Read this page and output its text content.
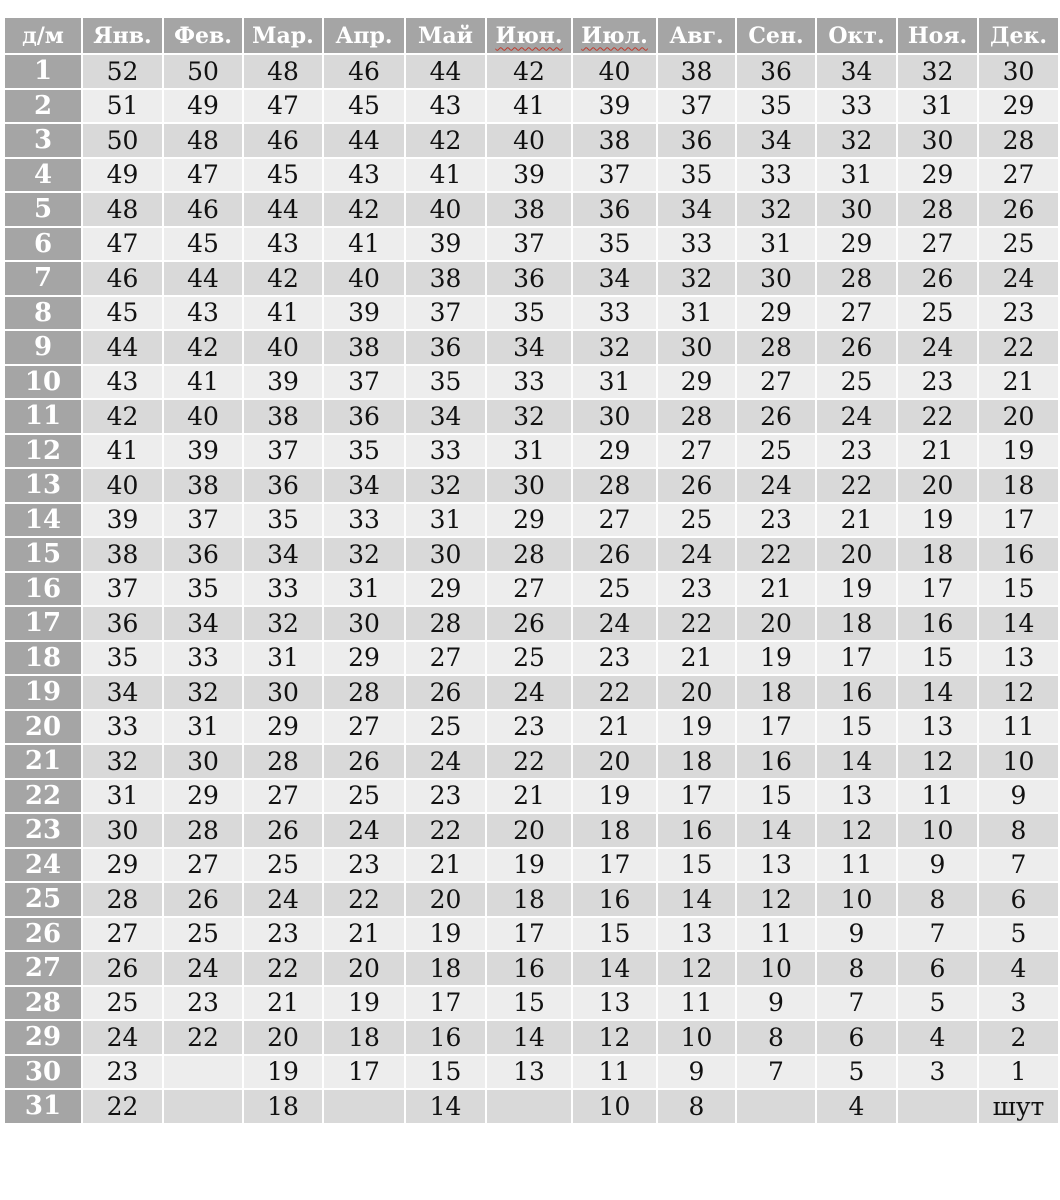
д/м	Янв.	Фев.	Мар.	Апр.	Май	Июн.	Июл.	Авг.	Сен.	Окт.	Ноя.	Дек.
1	52	50	48	46	44	42	40	38	36	34	32	30
2	51	49	47	45	43	41	39	37	35	33	31	29
3	50	48	46	44	42	40	38	36	34	32	30	28
4	49	47	45	43	41	39	37	35	33	31	29	27
5	48	46	44	42	40	38	36	34	32	30	28	26
6	47	45	43	41	39	37	35	33	31	29	27	25
7	46	44	42	40	38	36	34	32	30	28	26	24
8	45	43	41	39	37	35	33	31	29	27	25	23
9	44	42	40	38	36	34	32	30	28	26	24	22
10	43	41	39	37	35	33	31	29	27	25	23	21
11	42	40	38	36	34	32	30	28	26	24	22	20
12	41	39	37	35	33	31	29	27	25	23	21	19
13	40	38	36	34	32	30	28	26	24	22	20	18
14	39	37	35	33	31	29	27	25	23	21	19	17
15	38	36	34	32	30	28	26	24	22	20	18	16
16	37	35	33	31	29	27	25	23	21	19	17	15
17	36	34	32	30	28	26	24	22	20	18	16	14
18	35	33	31	29	27	25	23	21	19	17	15	13
19	34	32	30	28	26	24	22	20	18	16	14	12
20	33	31	29	27	25	23	21	19	17	15	13	11
21	32	30	28	26	24	22	20	18	16	14	12	10
22	31	29	27	25	23	21	19	17	15	13	11	9
23	30	28	26	24	22	20	18	16	14	12	10	8
24	29	27	25	23	21	19	17	15	13	11	9	7
25	28	26	24	22	20	18	16	14	12	10	8	6
26	27	25	23	21	19	17	15	13	11	9	7	5
27	26	24	22	20	18	16	14	12	10	8	6	4
28	25	23	21	19	17	15	13	11	9	7	5	3
29	24	22	20	18	16	14	12	10	8	6	4	2
30	23		19	17	15	13	11	9	7	5	3	1
31	22		18		14		10	8		4		шут
